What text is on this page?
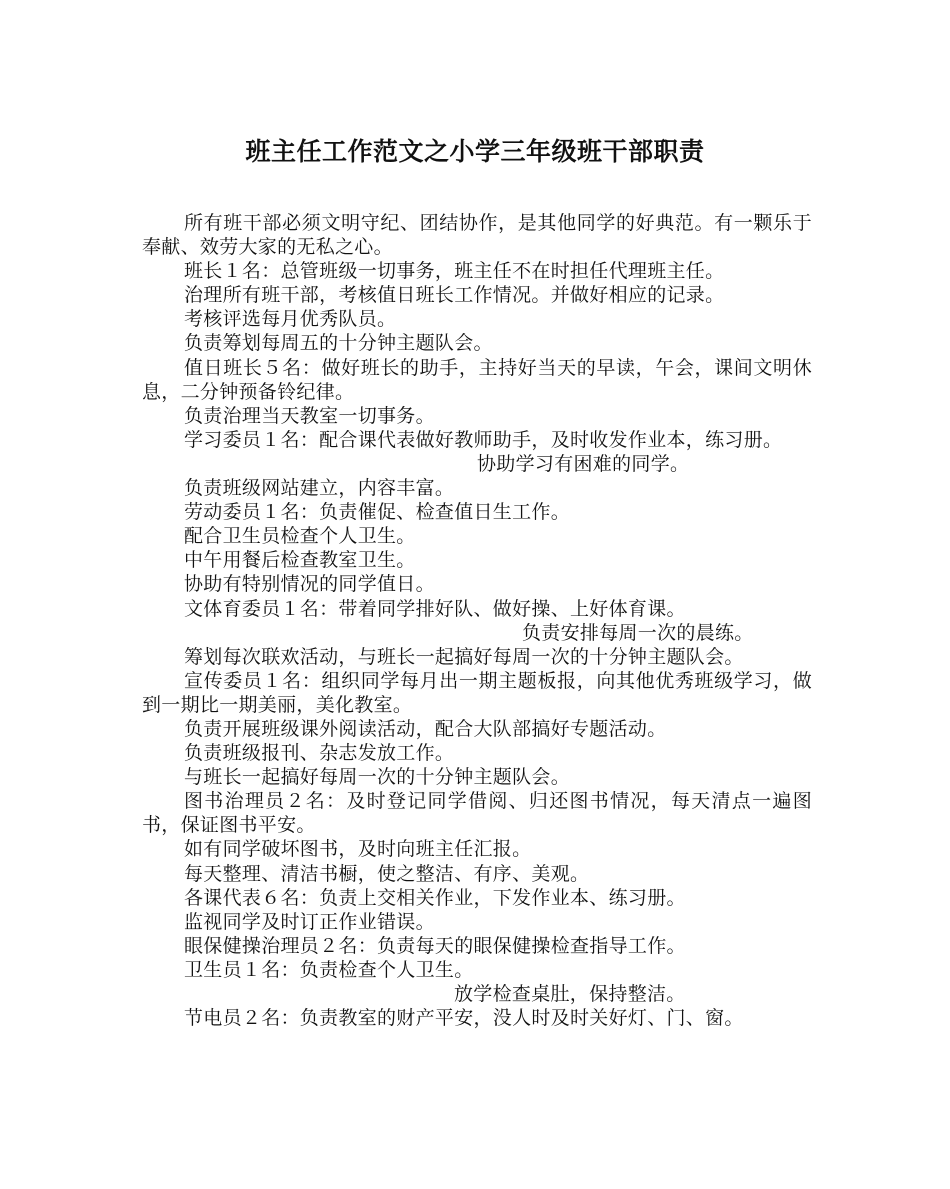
班主任工作范文之小学三年级班干部职责

所有班干部必须文明守纪、团结协作，是其他同学的好典范。有一颗乐于奉献、效劳大家的无私之心。

班长１名：总管班级一切事务，班主任不在时担任代理班主任。

治理所有班干部，考核值日班长工作情况。并做好相应的记录。

考核评选每月优秀队员。

负责筹划每周五的十分钟主题队会。

值日班长５名：做好班长的助手，主持好当天的早读，午会，课间文明休息，二分钟预备铃纪律。

负责治理当天教室一切事务。

学习委员１名：配合课代表做好教师助手，及时收发作业本，练习册。

协助学习有困难的同学。

负责班级网站建立，内容丰富。

劳动委员１名：负责催促、检查值日生工作。

配合卫生员检查个人卫生。

中午用餐后检查教室卫生。

协助有特别情况的同学值日。

文体育委员１名：带着同学排好队、做好操、上好体育课。

负责安排每周一次的晨练。

筹划每次联欢活动，与班长一起搞好每周一次的十分钟主题队会。

宣传委员１名：组织同学每月出一期主题板报，向其他优秀班级学习，做到一期比一期美丽，美化教室。

负责开展班级课外阅读活动，配合大队部搞好专题活动。

负责班级报刊、杂志发放工作。

与班长一起搞好每周一次的十分钟主题队会。

图书治理员２名：及时登记同学借阅、归还图书情况，每天清点一遍图书，保证图书平安。

如有同学破坏图书，及时向班主任汇报。

每天整理、清洁书橱，使之整洁、有序、美观。

各课代表６名：负责上交相关作业，下发作业本、练习册。

监视同学及时订正作业错误。

眼保健操治理员２名：负责每天的眼保健操检查指导工作。

卫生员１名：负责检查个人卫生。

放学检查桌肚，保持整洁。

节电员２名：负责教室的财产平安，没人时及时关好灯、门、窗。
